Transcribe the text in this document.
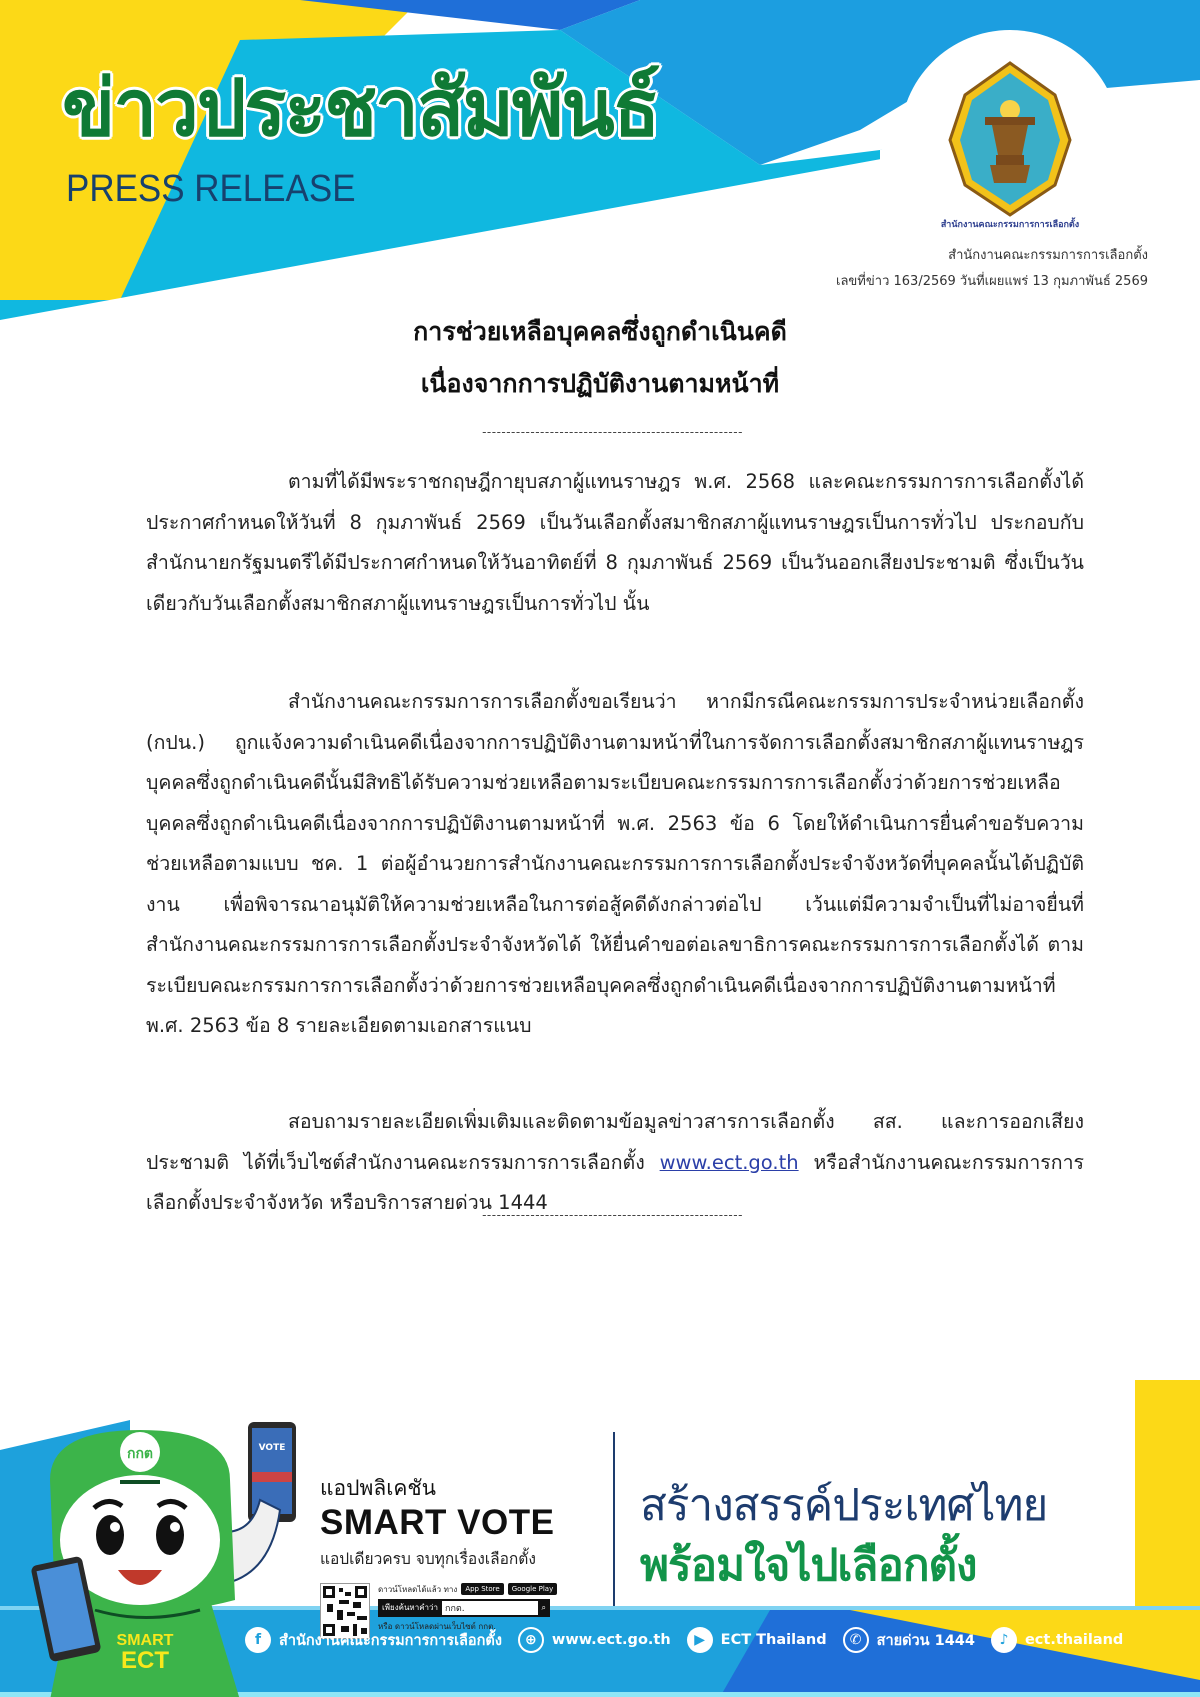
ข่าวประชาสัมพันธ์
PRESS RELEASE
สำนักงานคณะกรรมการการเลือกตั้ง
สำนักงานคณะกรรมการการเลือกตั้ง
เลขที่ข่าว 163/2569 วันที่เผยแพร่ 13 กุมภาพันธ์ 2569
การช่วยเหลือบุคคลซึ่งถูกดำเนินคดี
เนื่องจากการปฏิบัติงานตามหน้าที่
------------------------------------------------------

ตามที่ได้มีพระราชกฤษฎีกายุบสภาผู้แทนราษฎร พ.ศ. 2568 และคณะกรรมการการเลือกตั้งได้ประกาศกำหนดให้วันที่ 8 กุมภาพันธ์ 2569 เป็นวันเลือกตั้งสมาชิกสภาผู้แทนราษฎรเป็นการทั่วไป ประกอบกับสำนักนายกรัฐมนตรีได้มีประกาศกำหนดให้วันอาทิตย์ที่ 8 กุมภาพันธ์ 2569 เป็นวันออกเสียงประชามติ ซึ่งเป็นวันเดียวกับวันเลือกตั้งสมาชิกสภาผู้แทนราษฎรเป็นการทั่วไป นั้น

สำนักงานคณะกรรมการการเลือกตั้งขอเรียนว่า หากมีกรณีคณะกรรมการประจำหน่วยเลือกตั้ง (กปน.) ถูกแจ้งความดำเนินคดีเนื่องจากการปฏิบัติงานตามหน้าที่ในการจัดการเลือกตั้งสมาชิกสภาผู้แทนราษฎร บุคคลซึ่งถูกดำเนินคดีนั้นมีสิทธิได้รับความช่วยเหลือตามระเบียบคณะกรรมการการเลือกตั้งว่าด้วยการช่วยเหลือบุคคลซึ่งถูกดำเนินคดีเนื่องจากการปฏิบัติงานตามหน้าที่ พ.ศ. 2563 ข้อ 6 โดยให้ดำเนินการยื่นคำขอรับความช่วยเหลือตามแบบ ชค. 1 ต่อผู้อำนวยการสำนักงานคณะกรรมการการเลือกตั้งประจำจังหวัดที่บุคคลนั้นได้ปฏิบัติงาน เพื่อพิจารณาอนุมัติให้ความช่วยเหลือในการต่อสู้คดีดังกล่าวต่อไป เว้นแต่มีความจำเป็นที่ไม่อาจยื่นที่สำนักงานคณะกรรมการการเลือกตั้งประจำจังหวัดได้ ให้ยื่นคำขอต่อเลขาธิการคณะกรรมการการเลือกตั้งได้ ตามระเบียบคณะกรรมการการเลือกตั้งว่าด้วยการช่วยเหลือบุคคลซึ่งถูกดำเนินคดีเนื่องจากการปฏิบัติงานตามหน้าที่ พ.ศ. 2563 ข้อ 8 รายละเอียดตามเอกสารแนบ

สอบถามรายละเอียดเพิ่มเติมและติดตามข้อมูลข่าวสารการเลือกตั้ง สส. และการออกเสียงประชามติ ได้ที่เว็บไซต์สำนักงานคณะกรรมการการเลือกตั้ง www.ect.go.th หรือสำนักงานคณะกรรมการการเลือกตั้งประจำจังหวัด หรือบริการสายด่วน 1444

------------------------------------------------------
VOTE
SMART
ECT
กกต
แอปพลิเคชัน
SMART VOTE
แอปเดียวครบ จบทุกเรื่องเลือกตั้ง
ดาวน์โหลดได้แล้ว ทาง	App Store	Google Play
เพียงค้นหาคำว่า กกต.	⌕
หรือ ดาวน์โหลดผ่านเว็บไซต์ กกต.
สร้างสรรค์ประเทศไทย
พร้อมใจไปเลือกตั้ง
f	สำนักงานคณะกรรมการการเลือกตั้ง	⊕	www.ect.go.th	▶	ECT Thailand	✆	สายด่วน 1444	♪	ect.thailand
